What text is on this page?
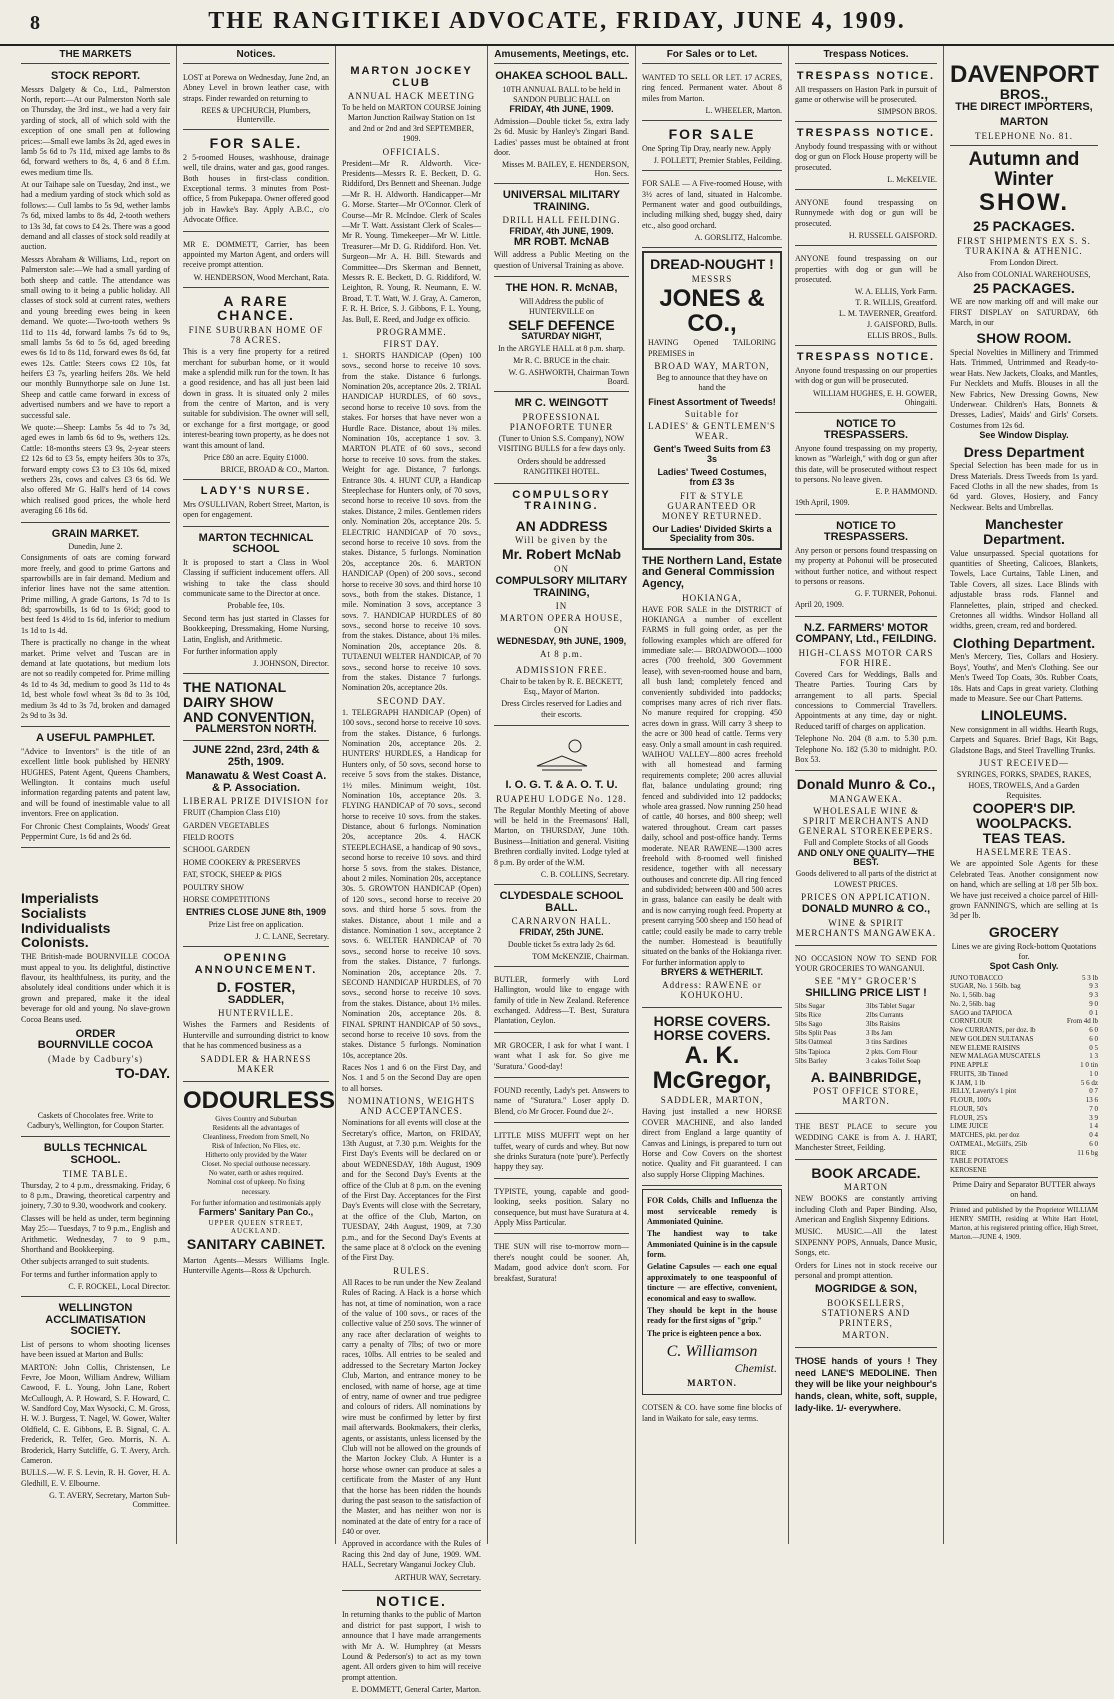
8	THE RANGITIKEI ADVOCATE, FRIDAY, JUNE 4, 1909.
THE MARKETS
STOCK REPORT.

Messrs Dalgety & Co., Ltd., Palmerston North, report:—At our Palmerston North sale on Thursday, the 3rd inst., we had a very fair yarding of stock, all of which sold with the exception of one small pen at following prices:—Small ewe lambs 3s 2d, aged ewes in lamb 5s 6d to 7s 11d, mixed age lambs to 8s 6d, forward wethers to 8s, 4, 6 and 8 f.f.m. ewes medium time lls.

At our Taihape sale on Tuesday, 2nd inst., we had a medium yarding of stock which sold as follows:— Cull lambs to 5s 9d, wether lambs 7s 6d, mixed lambs to 8s 4d, 2-tooth wethers to 13s 3d, fat cows to £4 2s. There was a good demand and all classes of stock sold readily at auction.

Messrs Abraham & Williams, Ltd., report on Palmerston sale:—We had a small yarding of both sheep and cattle. The attendance was small owing to it being a public holiday. All classes of stock sold at current rates, wethers and young breeding ewes being in keen demand. We quote:—Two-tooth wethers 9s 11d to 11s 4d, forward lambs 7s 6d to 9s, small lambs 5s 6d to 5s 6d, aged breeding ewes 6s 1d to 8s 11d, forward ewes 8s 6d, fat ewes 12s. Cattle: Steers cows £2 10s, fat heifers £3 7s, yearling heifers 28s. We held our monthly Bunnythorpe sale on June 1st. Sheep and cattle came forward in excess of advertised numbers and we have to report a successful sale.

We quote:—Sheep: Lambs 5s 4d to 7s 3d, aged ewes in lamb 6s 6d to 9s, wethers 12s. Cattle: 18-months steers £3 9s, 2-year steers £2 12s 6d to £3 5s, empty heifers 30s to 37s, forward empty cows £3 to £3 10s 6d, mixed wethers 23s, cows and calves £3 6s 6d. We also offered Mr G. Hall's herd of 14 cows which realised good prices, the whole herd averaging £6 18s 6d.

GRAIN MARKET.
Dunedin, June 2.

Consignments of oats are coming forward more freely, and good to prime Gartons and sparrowbills are in fair demand. Medium and inferior lines have not the same attention. Prime milling, A grade Gartons, 1s 7d to 1s 8d; sparrowbills, 1s 6d to 1s 6½d; good to best feed 1s 4½d to 1s 6d, inferior to medium 1s 1d to 1s 4d.

There is practically no change in the wheat market. Prime velvet and Tuscan are in demand at late quotations, but medium lots are not so readily competed for. Prime milling 4s 1d to 4s 3d, medium to good 3s 11d to 4s 1d, best whole fowl wheat 3s 8d to 3s 10d, medium 3s 4d to 3s 7d, broken and damaged 2s 9d to 3s 3d.

A USEFUL PAMPHLET.

"Advice to Inventors" is the title of an excellent little book published by HENRY HUGHES, Patent Agent, Queens Chambers, Wellington. It contains much useful information regarding patents and patent law, and will be found of inestimable value to all inventors. Free on application.

For Chronic Chest Complaints, Woods' Great Peppermint Cure, 1s 6d and 2s 6d.

Imperialists
Socialists
Individualists
Colonists.

THE British-made BOURNVILLE COCOA must appeal to you. Its delightful, distinctive flavour, its healthfulness, its purity, and the absolutely ideal conditions under which it is grown and prepared, make it the ideal beverage for old and young. No slave-grown Cocoa Beans used.

ORDER
BOURNVILLE COCOA
(Made by Cadbury's)
TO-DAY.

Caskets of Chocolates free. Write to Cadbury's, Wellington, for Coupon Starter.

BULLS TECHNICAL SCHOOL.
TIME TABLE.

Thursday, 2 to 4 p.m., dressmaking. Friday, 6 to 8 p.m., Drawing, theoretical carpentry and joinery, 7.30 to 9.30, woodwork and cookery.

Classes will be held as under, term beginning May 25:— Tuesdays, 7 to 9 p.m., English and Arithmetic. Wednesday, 7 to 9 p.m., Shorthand and Bookkeeping.

Other subjects arranged to suit students.

For terms and further information apply to

C. F. ROCKEL, Local Director.
WELLINGTON ACCLIMATISATION SOCIETY.

List of persons to whom shooting licenses have been issued at Marton and Bulls:

MARTON: John Collis, Christensen, Le Fevre, Joe Moon, William Andrew, William Cawood, F. L. Young, John Lane, Robert McCullough, A. P. Howard, S. F. Howard, C. W. Sandford Coy, Max Wysocki, C. M. Gross, H. W. J. Burgess, T. Nagel, W. Gower, Walter Oldfield, C. E. Gibbons, E. B. Signal, C. A. Frederick, R. Telfer, Geo. Morris, N. A. Broderick, Harry Sutcliffe, G. T. Avery, Arch. Cameron.

BULLS.—W. F. S. Levin, R. H. Gover, H. A. Gledhill, E. V. Elbourne.

G. T. AVERY, Secretary, Marton Sub-Committee.
Notices.

LOST at Porewa on Wednesday, June 2nd, an Abney Level in brown leather case, with straps. Finder rewarded on returning to

REES & UPCHURCH, Plumbers, Hunterville.
FOR SALE.

2 5-roomed Houses, washhouse, drainage well, tile drains, water and gas, good ranges. Both houses in first-class condition. Exceptional terms. 3 minutes from Post-office, 5 from Pukepapa. Owner offered good job in Hawke's Bay. Apply A.B.C., c/o Advocate Office.

MR E. DOMMETT, Carrier, has been appointed my Marton Agent, and orders will receive prompt attention.

W. HENDERSON, Wood Merchant, Rata.
A RARE CHANCE.
FINE SUBURBAN HOME OF 78 ACRES.

This is a very fine property for a retired merchant for suburban home, or it would make a splendid milk run for the town. It has a good residence, and has all just been laid down in grass. It is situated only 2 miles from the centre of Marton, and is very suitable for subdivision. The owner will sell, or exchange for a first mortgage, or good interest-bearing town property, as he does not want this amount of land.

Price £80 an acre. Equity £1000.

BRICE, BROAD & CO., Marton.
LADY'S NURSE.

Mrs O'SULLIVAN, Robert Street, Marton, is open for engagement.

MARTON TECHNICAL SCHOOL

It is proposed to start a Class in Wool Classing if sufficient inducement offers. All wishing to take the class should communicate same to the Director at once.

Probable fee, 10s.

Second term has just started in Classes for Bookkeeping, Dressmaking, Home Nursing, Latin, English, and Arithmetic.

For further information apply

J. JOHNSON, Director.
THE NATIONAL
DAIRY SHOW
AND CONVENTION,
PALMERSTON NORTH.
JUNE 22nd, 23rd, 24th & 25th, 1909.
Manawatu & West Coast A. & P. Association.
LIBERAL PRIZE DIVISION for
FRUIT (Champion Class £10)
GARDEN VEGETABLES
FIELD ROOTS
SCHOOL GARDEN
HOME COOKERY & PRESERVES
FAT, STOCK, SHEEP & PIGS
POULTRY SHOW
HORSE COMPETITIONS
ENTRIES CLOSE JUNE 8th, 1909

Prize List free on application.

J. C. LANE, Secretary.
OPENING ANNOUNCEMENT.
D. FOSTER,
SADDLER,
HUNTERVILLE.

Wishes the Farmers and Residents of Hunterville and surrounding district to know that he has commenced business as a

SADDLER & HARNESS MAKER
ODOURLESS

Gives Country and Suburban Residents all the advantages of Cleanliness, Freedom from Smell, No Risk of Infection, No Flies, etc. Hitherto only provided by the Water Closet. No special outhouse necessary. No water, earth or ashes required. Nominal cost of upkeep. No fixing necessary.

For further information and testimonials apply

Farmers' Sanitary Pan Co.,
UPPER QUEEN STREET, AUCKLAND.
SANITARY CABINET.

Marton Agents—Messrs Williams Ingle. Hunterville Agents—Ross & Upchurch.

MARTON JOCKEY CLUB
ANNUAL HACK MEETING

To be held on MARTON COURSE Joining Marton Junction Railway Station on 1st and 2nd or 2nd and 3rd SEPTEMBER, 1909.

OFFICIALS.

President—Mr R. Aldworth. Vice-Presidents—Messrs R. E. Beckett, D. G. Riddiford, Drs Bennett and Sheenan. Judge—Mr R. H. Aldworth. Handicapper—Mr G. Morse. Starter—Mr O'Connor. Clerk of Course—Mr R. McIndoe. Clerk of Scales—Mr T. Watt. Assistant Clerk of Scales—Mr R. Young. Timekeeper—Mr W. Little. Treasurer—Mr D. G. Riddiford. Hon. Vet. Surgeon—Mr A. H. Bill. Stewards and Committee—Drs Skerman and Bennett, Messrs R. E. Beckett, D. G. Riddiford, W. Leighton, R. Young, R. Neumann, E. W. Broad, T. T. Watt, W. J. Gray, A. Cameron, F. R. H. Brice, S. J. Gibbons, F. L. Young, Jas. Bull, E. Reed, and Judge ex officio.

PROGRAMME.
FIRST DAY.

1. SHORTS HANDICAP (Open) 100 sovs., second horse to receive 10 sovs. from the stake. Distance 6 furlongs. Nomination 20s, acceptance 20s. 2. TRIAL HANDICAP HURDLES, of 60 sovs., second horse to receive 10 sovs. from the stakes. For horses that have never won a Hurdle Race. Distance, about 1¾ miles. Nomination 10s, acceptance 1 sov. 3. MARTON PLATE of 60 sovs., second horse to receive 10 sovs. from the stakes. Weight for age. Distance, 7 furlongs. Entrance 30s. 4. HUNT CUP, a Handicap Steeplechase for Hunters only, of 70 sovs, second horse to receive 10 sovs. from the stakes. Distance, 2 miles. Gentlemen riders only. Nomination 20s, acceptance 20s. 5. ELECTRIC HANDICAP of 70 sovs., second horse to receive 10 sovs. from the stakes. Distance, 5 furlongs. Nomination 20s, acceptance 20s. 6. MARTON HANDICAP (Open) of 200 sovs., second horse to receive 30 sovs. and third horse 10 sovs., both from the stakes. Distance, 1 mile. Nomination 3 sovs, acceptance 3 sovs. 7. HANDICAP HURDLES of 80 sovs., second horse to receive 10 sovs. from the stakes. Distance, about 1¾ miles. Nomination 20s, acceptance 20s. 8. TUTAENUI WELTER HANDICAP, of 70 sovs., second horse to receive 10 sovs. from the stakes. Distance 7 furlongs. Nomination 20s, acceptance 20s.

SECOND DAY.

1. TELEGRAPH HANDICAP (Open) of 100 sovs., second horse to receive 10 sovs. from the stakes. Distance, 6 furlongs. Nomination 20s, acceptance 20s. 2. HUNTERS' HURDLES, a Handicap for Hunters only, of 50 sovs, second horse to receive 5 sovs from the stakes. Distance, 1½ miles. Minimum weight, 10st. Nomination 10s, acceptance 20s. 3. FLYING HANDICAP of 70 sovs., second horse to receive 10 sovs. from the stakes. Distance, about 6 furlongs. Nomination 20s, acceptance 20s. 4. HACK STEEPLECHASE, a handicap of 90 sovs., second horse to receive 10 sovs. and third horse 5 sovs. from the stakes. Distance, about 2 miles. Nomination 20s, acceptance 30s. 5. GROWTON HANDICAP (Open) of 120 sovs., second horse to receive 20 sovs. and third horse 5 sovs. from the stakes. Distance, about 1 mile and a distance. Nomination 1 sov., acceptance 2 sovs. 6. WELTER HANDICAP of 70 sovs., second horse to receive 10 sovs. from the stakes. Distance, 7 furlongs. Nomination 20s, acceptance 20s. 7. SECOND HANDICAP HURDLES, of 70 sovs., second horse to receive 10 sovs. from the stakes. Distance, about 1½ miles. Nomination 20s, acceptance 20s. 8. FINAL SPRINT HANDICAP of 50 sovs., second horse to receive 10 sovs. from the stakes. Distance 5 furlongs. Nomination 10s, acceptance 20s.

Races Nos 1 and 6 on the First Day, and Nos. 1 and 5 on the Second Day are open to all horses.

NOMINATIONS, WEIGHTS AND ACCEPTANCES.

Nominations for all events will close at the Secretary's office, Marton, on FRIDAY, 13th August, at 7.30 p.m. Weights for the First Day's Events will be declared on or about WEDNESDAY, 18th August, 1909 and for the Second Day's Events at the office of the Club at 8 p.m. on the evening of the First Day. Acceptances for the First Day's Events will close with the Secretary, at the office of the Club, Marton, on TUESDAY, 24th August, 1909, at 7.30 p.m., and for the Second Day's Events at the same place at 8 o'clock on the evening of the First Day.

RULES.

All Races to be run under the New Zealand Rules of Racing. A Hack is a horse which has not, at time of nomination, won a race of the value of 100 sovs., or races of the collective value of 250 sovs. The winner of any race after declaration of weights to carry a penalty of 7lbs; of two or more races, 10lbs. All entries to be sealed and addressed to the Secretary Marton Jockey Club, Marton, and entrance money to be enclosed, with name of horse, age at time of entry, name of owner and true pedigree and colours of riders. All nominations by wire must be confirmed by letter by first mail afterwards. Bookmakers, their clerks, agents, or assistants, unless licensed by the Club will not be allowed on the grounds of the Marton Jockey Club. A Hunter is a horse whose owner can produce at sales a certificate from the Master of any Hunt that the horse has been ridden the hounds during the past season to the satisfaction of the Master, and has neither won nor is nominated at the date of entry for a race of £40 or over.

Approved in accordance with the Rules of Racing this 2nd day of June, 1909. WM. HALL, Secretary Wanganui Jockey Club.

ARTHUR WAY, Secretary.
NOTICE.

In returning thanks to the public of Marton and district for past support, I wish to announce that I have made arrangements with Mr A. W. Humphrey (at Messrs Lound & Pederson's) to act as my town agent. All orders given to him will receive prompt attention.

E. DOMMETT, General Carter, Marton.
Amusements, Meetings, etc.
OHAKEA SCHOOL BALL.

10TH ANNUAL BALL to be held in SANDON PUBLIC HALL on

FRIDAY, 4th JUNE, 1909.

Admission—Double ticket 5s, extra lady 2s 6d. Music by Hanley's Zingari Band. Ladies' passes must be obtained at front door.

Misses M. BAILEY, E. HENDERSON, Hon. Secs.
UNIVERSAL MILITARY TRAINING.
DRILL HALL FEILDING.
FRIDAY, 4th JUNE, 1909.
MR ROBT. McNAB

Will address a Public Meeting on the question of Universal Training as above.

THE HON. R. McNAB,

Will Address the public of HUNTERVILLE on

SELF DEFENCE
SATURDAY NIGHT,

In the ARGYLE HALL at 8 p.m. sharp.

Mr R. C. BRUCE in the chair.

W. G. ASHWORTH, Chairman Town Board.
MR C. WEINGOTT
PROFESSIONAL PIANOFORTE TUNER

(Tuner to Union S.S. Company), NOW VISITING BULLS for a few days only.

Orders should be addressed RANGITIKEI HOTEL.

COMPULSORY TRAINING.
AN ADDRESS
Will be given by the
Mr. Robert McNab
ON
COMPULSORY MILITARY TRAINING,
IN
MARTON OPERA HOUSE,
ON
WEDNESDAY, 9th JUNE, 1909,
At 8 p.m.
ADMISSION FREE.

Chair to be taken by R. E. BECKETT, Esq., Mayor of Marton.

Dress Circles reserved for Ladies and their escorts.

I. O. G. T. & A. O. T. U.
RUAPEHU LODGE No. 128.

The Regular Monthly Meeting of above will be held in the Freemasons' Hall, Marton, on THURSDAY, June 10th. Business—Initiation and general. Visiting Brethren cordially invited. Lodge tyled at 8 p.m. By order of the W.M.

C. B. COLLINS, Secretary.
CLYDESDALE SCHOOL BALL.
CARNARVON HALL.
FRIDAY, 25th JUNE.

Double ticket 5s extra lady 2s 6d.

TOM McKENZIE, Chairman.

BUTLER, formerly with Lord Hallington, would like to engage with family of title in New Zealand. Reference exchanged. Address—T. Best, Suratura Plantation, Ceylon.

MR GROCER, I ask for what I want. I want what I ask for. So give me 'Suratura.' Good-day!

FOUND recently, Lady's pet. Answers to name of "Suratura." Loser apply D. Blend, c/o Mr Grocer. Found due 2/-.

LITTLE MISS MUFFIT wept on her tuffet, weary of curds and whey. But now she drinks Suratura (note 'pure'). Perfectly happy they say.

TYPISTE, young, capable and good-looking, seeks position. Salary no consequence, but must have Suratura at 4. Apply Miss Particular.

THE SUN will rise to-morrow morn—there's nought could be sooner. Ah, Madam, good advice don't scorn. For breakfast, Suratura!

For Sales or to Let.

WANTED TO SELL OR LET. 17 ACRES, ring fenced. Permanent water. About 8 miles from Marton.

L. WHEELER, Marton.
FOR SALE

One Spring Tip Dray, nearly new. Apply

J. FOLLETT, Premier Stables, Feilding.

FOR SALE — A Five-roomed House, with 3½ acres of land, situated in Halcombe. Permanent water and good outbuildings, including milking shed, buggy shed, dairy etc., also good orchard.

A. GORSLITZ, Halcombe.
DREAD-NOUGHT !
MESSRS
JONES & CO.,

HAVING Opened TAILORING PREMISES in

BROAD WAY, MARTON,

Beg to announce that they have on hand the

Finest Assortment of Tweeds!
Suitable for
LADIES' & GENTLEMEN'S WEAR.
Gent's Tweed Suits from £3 3s
Ladies' Tweed Costumes, from £3 3s
FIT & STYLE GUARANTEED OR MONEY RETURNED.
Our Ladies' Divided Skirts a Speciality from 30s.
THE Northern Land, Estate and General Commission Agency,
HOKIANGA,

HAVE FOR SALE in the DISTRICT of HOKIANGA a number of excellent FARMS in full going order, as per the following examples which are offered for immediate sale:— BROADWOOD—1000 acres (700 freehold, 300 Government lease), with seven-roomed house and barn, all bush land; completely fenced and conveniently subdivided into paddocks; comprises many acres of rich river flats. No manure required for cropping. 450 acres down in grass. Will carry 3 sheep to the acre or 300 head of cattle. Terms very easy. Only a small amount in cash required. WAIHOU VALLEY—800 acres freehold with all homestead and farming requirements complete; 200 acres alluvial flat, balance undulating ground; ring fenced and subdivided into 12 paddocks; whole area grassed. Now running 250 head of cattle, 40 horses, and 800 sheep; well watered throughout. Cream cart passes daily, school and post-office handy. Terms moderate. NEAR RAWENE—1300 acres freehold with 8-roomed well finished residence, together with all necessary outhouses and concrete dip. All ring fenced and subdivided; between 400 and 500 acres in grass, balance can easily be dealt with and is now carrying rough feed. Property at present carrying 500 sheep and 150 head of cattle; could easily be made to carry treble the number. Homestead is beautifully situated on the banks of the Hokianga river. For further information apply to

BRYERS & WETHERILT.
Address: RAWENE or KOHUKOHU.
HORSE COVERS.
HORSE COVERS.
A. K. McGregor,
SADDLER, MARTON,

Having just installed a new HORSE COVER MACHINE, and also landed direct from England a large quantity of Canvas and Linings, is prepared to turn out Horse and Cow Covers on the shortest notice. Quality and Fit guaranteed. I can also supply Horse Clipping Machines.

FOR Colds, Chills and Influenza the most serviceable remedy is Ammoniated Quinine.

The handiest way to take Ammoniated Quinine is in the capsule form.

Gelatine Capsules — each one equal approximately to one teaspoonful of tincture — are effective, convenient, economical and easy to swallow.

They should be kept in the house ready for the first signs of "grip."

The price is eighteen pence a box.

C. Williamson
Chemist.
MARTON.

COTSEN & CO. have some fine blocks of land in Waikato for sale, easy terms.

Trespass Notices.
TRESPASS NOTICE.

All trespassers on Haston Park in pursuit of game or otherwise will be prosecuted.

SIMPSON BROS.
TRESPASS NOTICE.

Anybody found trespassing with or without dog or gun on Flock House property will be prosecuted.

L. McKELVIE.

ANYONE found trespassing on Runnymede with dog or gun will be prosecuted.

H. RUSSELL GAISFORD.

ANYONE found trespassing on our properties with dog or gun will be prosecuted.

W. A. ELLIS, York Farm.
T. R. WILLIS, Greatford.
L. M. TAVERNER, Greatford.
J. GAISFORD, Bulls.
ELLIS BROS., Bulls.
TRESPASS NOTICE.

Anyone found trespassing on our properties with dog or gun will be prosecuted.

WILLIAM HUGHES, E. H. GOWER, Ohingaiti.
NOTICE TO TRESPASSERS.

Anyone found trespassing on my property, known as "Warleigh," with dog or gun after this date, will be prosecuted without respect to persons. No leave given.

E. P. HAMMOND.
19th April, 1909.
NOTICE TO TRESPASSERS.

Any person or persons found trespassing on my property at Pohonui will be prosecuted without further notice, and without respect to persons or reasons.

G. F. TURNER, Pohonui.
April 20, 1909.
N.Z. FARMERS' MOTOR COMPANY, Ltd., FEILDING.
HIGH-CLASS MOTOR CARS FOR HIRE.

Covered Cars for Weddings, Balls and Theatre Parties. Touring Cars by arrangement to all parts. Special concessions to Commercial Travellers. Appointments at any time, day or night. Reduced tariff of charges on application.

Telephone No. 204 (8 a.m. to 5.30 p.m. Telephone No. 182 (5.30 to midnight. P.O. Box 53.

Donald Munro & Co.,
MANGAWEKA.
WHOLESALE WINE & SPIRIT MERCHANTS AND GENERAL STOREKEEPERS.

Full and Complete Stocks of all Goods

AND ONLY ONE QUALITY—THE BEST.

Goods delivered to all parts of the district at LOWEST PRICES.

PRICES ON APPLICATION.
DONALD MUNRO & CO.,
WINE & SPIRIT MERCHANTS MANGAWEKA.

NO OCCASION NOW TO SEND FOR YOUR GROCERIES TO WANGANUI.

SEE "MY" GROCER'S
SHILLING PRICE LIST !
5lbs Sugar	3lbs Tablet Sugar
5lbs Rice	2lbs Currants
5lbs Sago	3lbs Raisins
5lbs Split Peas	3 lbs Jam
5lbs Oatmeal	3 tins Sardines
5lbs Tapioca	2 pkts. Corn Flour
5lbs Barley	3 cakes Toilet Soap
A. BAINBRIDGE,
POST OFFICE STORE, MARTON.

THE BEST PLACE to secure you WEDDING CAKE is from A. J. HART, Manchester Street, Feilding.

BOOK ARCADE.
MARTON

NEW BOOKS are constantly arriving including Cloth and Paper Binding. Also, American and English Sixpenny Editions.

MUSIC. MUSIC.—All the latest SIXPENNY POPS, Annuals, Dance Music, Songs, etc.

Orders for Lines not in stock receive our personal and prompt attention.

MOGRIDGE & SON,
BOOKSELLERS, STATIONERS AND PRINTERS,
MARTON.

THOSE hands of yours ! They need LANE'S MEDOLINE. Then they will be like your neighbour's hands, clean, white, soft, supple, lady-like. 1/- everywhere.

DAVENPORT
BROS.,
THE DIRECT IMPORTERS,
MARTON
TELEPHONE No. 81.
Autumn and Winter
SHOW.
25 PACKAGES.
FIRST SHIPMENTS EX S. S. TURAKINA & ATHENIC.

From London Direct.

Also from COLONIAL WAREHOUSES,

25 PACKAGES.

WE are now marking off and will make our FIRST DISPLAY on SATURDAY, 6th March, in our

SHOW ROOM.

Special Novelties in Millinery and Trimmed Hats. Trimmed, Untrimmed and Ready-to-wear Hats. New Jackets, Cloaks, and Mantles, Fur Necklets and Muffs. Blouses in all the New Fabrics, New Dressing Gowns, New Underwear. Children's Hats, Bonnets & Dresses, Ladies', Maids' and Girls' Corsets. Costumes from 12s 6d.

See Window Display.
Dress Department

Special Selection has been made for us in Dress Materials. Dress Tweeds from 1s yard. Faced Cloths in all the new shades, from 1s 6d yard. Gloves, Hosiery, and Fancy Neckwear. Belts and Umbrellas.

Manchester Department.

Value unsurpassed. Special quotations for quantities of Sheeting, Calicoes, Blankets, Towels, Lace Curtains, Table Linen, and Table Covers, all sizes. Lace Blinds with adjustable brass rods. Flannel and Flannelettes, plain, striped and checked. Cretonnes all widths. Windsor Holland all widths, green, cream, red and bordered.

Clothing Department.

Men's Mercery, Ties, Collars and Hosiery. Boys', Youths', and Men's Clothing. See our Men's Tweed Top Coats, 30s. Rubber Coats, 18s. Hats and Caps in great variety. Clothing made to Measure. See our Chart Patterns.

LINOLEUMS.

New consignment in all widths. Hearth Rugs, Carpets and Squares. Brief Bags, Kit Bags, Gladstone Bags, and Steel Travelling Trunks.

JUST RECEIVED—

SYRINGES, FORKS, SPADES, RAKES, HOES, TROWELS, And a Garden Requisites.

COOPER'S DIP.
WOOLPACKS.
TEAS TEAS.
HASELMERE TEAS.

We are appointed Sole Agents for these Celebrated Teas. Another consignment now on hand, which are selling at 1/8 per 5lb box. We have just received a choice parcel of Hill-grown FANNING'S, which are selling at 1s 3d per lb.

GROCERY

Lines we are giving Rock-bottom Quotations for.

Spot Cash Only.
JUNO TOBACCO	5 3 lb
SUGAR, No. 1 56lb. bag	9 3
No. 1, 56lb. bag	9 3
No. 2, 56lb. bag	9 0
SAGO and TAPIOCA	0 1
CORNFLOUR	From 4d lb
New CURRANTS, per doz. lb	6 0
NEW GOLDEN SULTANAS	6 0
NEW ELEME RAISINS	0 5
NEW MALAGA MUSCATELS	1 3
PINE APPLE	1 0 tin
FRUITS, 3lb Tinned	1 0
K JAM, 1 lb	5 6 dz
JELLY, Laverty's 1 pint	0 7
FLOUR, 100's	13 6
FLOUR, 50's	7 0
FLOUR, 25's	3 9
LIME JUICE	1 4
MATCHES, pkt. per doz	0 4
OATMEAL, McGill's, 25lb	6 0
RICE	11 6 bg
TABLE POTATOES
KEROSENE

Prime Dairy and Separator BUTTER always on hand.

Printed and published by the Proprietor WILLIAM HENRY SMITH, residing at White Hart Hotel, Marton, at his registered printing office, High Street, Marton.—JUNE 4, 1909.
